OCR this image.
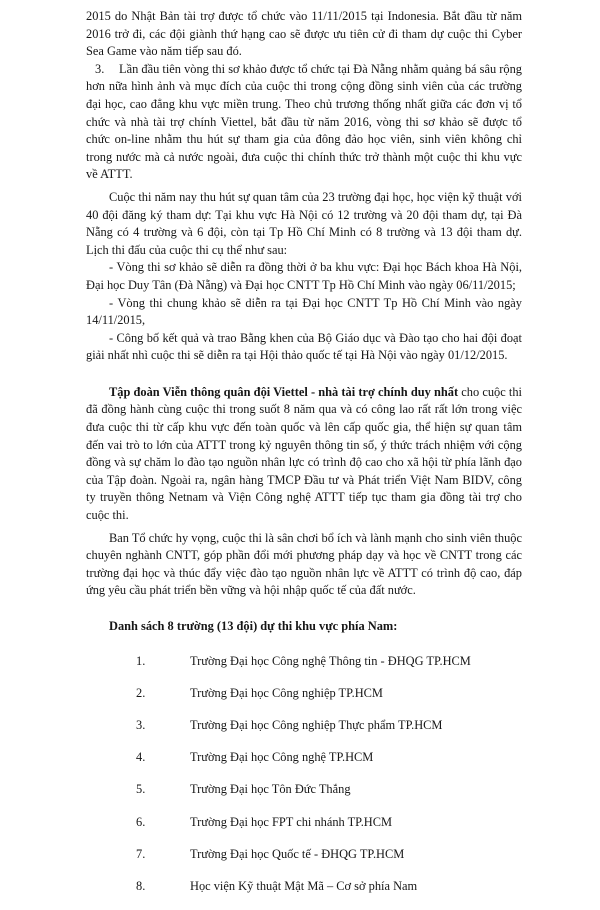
2015 do Nhật Bản tài trợ được tổ chức vào 11/11/2015 tại Indonesia. Bắt đầu từ năm 2016 trở đi, các đội giành thứ hạng cao sẽ được ưu tiên cử đi tham dự cuộc thi Cyber Sea Game vào năm tiếp sau đó.

3. Lần đầu tiên vòng thi sơ khảo được tổ chức tại Đà Nẵng nhằm quảng bá sâu rộng hơn nữa hình ảnh và mục đích của cuộc thi trong cộng đồng sinh viên của các trường đại học, cao đẳng khu vực miền trung. Theo chủ trương thống nhất giữa các đơn vị tổ chức và nhà tài trợ chính Viettel, bắt đầu từ năm 2016, vòng thi sơ khảo sẽ được tổ chức on-line nhằm thu hút sự tham gia của đông đảo học viên, sinh viên không chỉ trong nước mà cả nước ngoài, đưa cuộc thi chính thức trở thành một cuộc thi khu vực về ATTT.

Cuộc thi năm nay thu hút sự quan tâm của 23 trường đại học, học viện kỹ thuật với 40 đội đăng ký tham dự: Tại khu vực Hà Nội có 12 trường và 20 đội tham dự, tại Đà Nẵng có 4 trường và 6 đội, còn tại Tp Hồ Chí Minh có 8 trường và 13 đội tham dự. Lịch thi đấu của cuộc thi cụ thể như sau:

- Vòng thi sơ khảo sẽ diễn ra đồng thời ở ba khu vực: Đại học Bách khoa Hà Nội, Đại học Duy Tân (Đà Nẵng) và Đại học CNTT Tp Hồ Chí Minh vào ngày 06/11/2015;

- Vòng thi chung khảo sẽ diễn ra tại Đại học CNTT Tp Hồ Chí Minh vào ngày 14/11/2015,

- Công bố kết quả và trao Bằng khen của Bộ Giáo dục và Đào tạo cho hai đội đoạt giải nhất nhì cuộc thi sẽ diễn ra tại Hội thảo quốc tế tại Hà Nội vào ngày 01/12/2015.

Tập đoàn Viễn thông quân đội Viettel - nhà tài trợ chính duy nhất cho cuộc thi đã đồng hành cùng cuộc thi trong suốt 8 năm qua và có công lao rất rất lớn trong việc đưa cuộc thi từ cấp khu vực đến toàn quốc và lên cấp quốc gia, thể hiện sự quan tâm đến vai trò to lớn của ATTT trong kỷ nguyên thông tin số, ý thức trách nhiệm với cộng đồng và sự chăm lo đào tạo nguồn nhân lực có trình độ cao cho xã hội từ phía lãnh đạo của Tập đoàn. Ngoài ra, ngân hàng TMCP Đầu tư và Phát triển Việt Nam BIDV, công ty truyền thông Netnam và Viện Công nghệ ATTT tiếp tục tham gia đồng tài trợ cho cuộc thi.

Ban Tổ chức hy vọng, cuộc thi là sân chơi bổ ích và lành mạnh cho sinh viên thuộc chuyên nghành CNTT, góp phần đổi mới phương pháp dạy và học về CNTT trong các trường đại học và thúc đẩy việc đào tạo nguồn nhân lực về ATTT có trình độ cao, đáp ứng yêu cầu phát triển bền vững và hội nhập quốc tế của đất nước.

Danh sách 8 trường (13 đội) dự thi khu vực phía Nam:

1.	Trường Đại học Công nghệ Thông tin - ĐHQG TP.HCM
2.	Trường Đại học Công nghiệp TP.HCM
3.	Trường Đại học Công nghiệp Thực phẩm TP.HCM
4.	Trường Đại học Công nghệ TP.HCM
5.	Trường Đại học Tôn Đức Thắng
6.	Trường Đại học FPT chi nhánh TP.HCM
7.	Trường Đại học Quốc tế - ĐHQG TP.HCM
8.	Học viện Kỹ thuật Mật Mã – Cơ sở phía Nam
